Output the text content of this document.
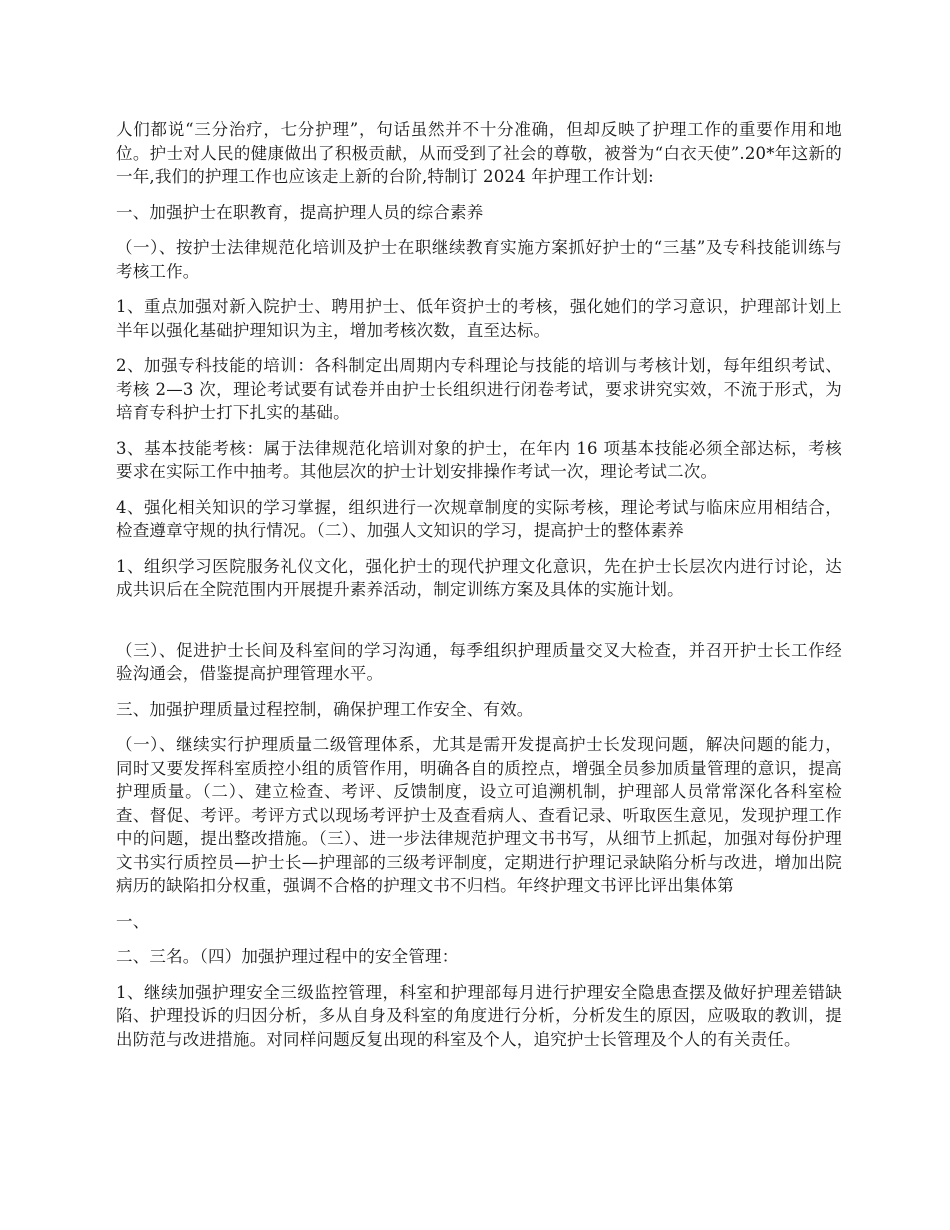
人们都说“三分治疗，七分护理”，句话虽然并不十分准确，但却反映了护理工作的重要作用和地位。护士对人民的健康做出了积极贡献，从而受到了社会的尊敬，被誉为“白衣天使”.20*年这新的一年,我们的护理工作也应该走上新的台阶,特制订 2024 年护理工作计划:

一、加强护士在职教育，提高护理人员的综合素养

（一）、按护士法律规范化培训及护士在职继续教育实施方案抓好护士的“三基”及专科技能训练与考核工作。

1、重点加强对新入院护士、聘用护士、低年资护士的考核，强化她们的学习意识，护理部计划上半年以强化基础护理知识为主，增加考核次数，直至达标。

2、加强专科技能的培训：各科制定出周期内专科理论与技能的培训与考核计划，每年组织考试、考核 2—3 次，理论考试要有试卷并由护士长组织进行闭卷考试，要求讲究实效，不流于形式，为培育专科护士打下扎实的基础。

3、基本技能考核：属于法律规范化培训对象的护士，在年内 16 项基本技能必须全部达标，考核要求在实际工作中抽考。其他层次的护士计划安排操作考试一次，理论考试二次。

4、强化相关知识的学习掌握，组织进行一次规章制度的实际考核，理论考试与临床应用相结合，检查遵章守规的执行情况。（二）、加强人文知识的学习，提高护士的整体素养

1、组织学习医院服务礼仪文化，强化护士的现代护理文化意识，先在护士长层次内进行讨论，达成共识后在全院范围内开展提升素养活动，制定训练方案及具体的实施计划。

（三）、促进护士长间及科室间的学习沟通，每季组织护理质量交叉大检查，并召开护士长工作经验沟通会，借鉴提高护理管理水平。

三、加强护理质量过程控制，确保护理工作安全、有效。

（一）、继续实行护理质量二级管理体系，尤其是需开发提高护士长发现问题，解决问题的能力，同时又要发挥科室质控小组的质管作用，明确各自的质控点，增强全员参加质量管理的意识，提高护理质量。（二）、建立检查、考评、反馈制度，设立可追溯机制，护理部人员常常深化各科室检查、督促、考评。考评方式以现场考评护士及查看病人、查看记录、听取医生意见，发现护理工作中的问题，提出整改措施。（三）、进一步法律规范护理文书书写，从细节上抓起，加强对每份护理文书实行质控员—护士长—护理部的三级考评制度，定期进行护理记录缺陷分析与改进，增加出院病历的缺陷扣分权重，强调不合格的护理文书不归档。年终护理文书评比评出集体第

一、

二、三名。（四）加强护理过程中的安全管理：

1、继续加强护理安全三级监控管理，科室和护理部每月进行护理安全隐患查摆及做好护理差错缺陷、护理投诉的归因分析，多从自身及科室的角度进行分析，分析发生的原因，应吸取的教训，提出防范与改进措施。对同样问题反复出现的科室及个人，追究护士长管理及个人的有关责任。
